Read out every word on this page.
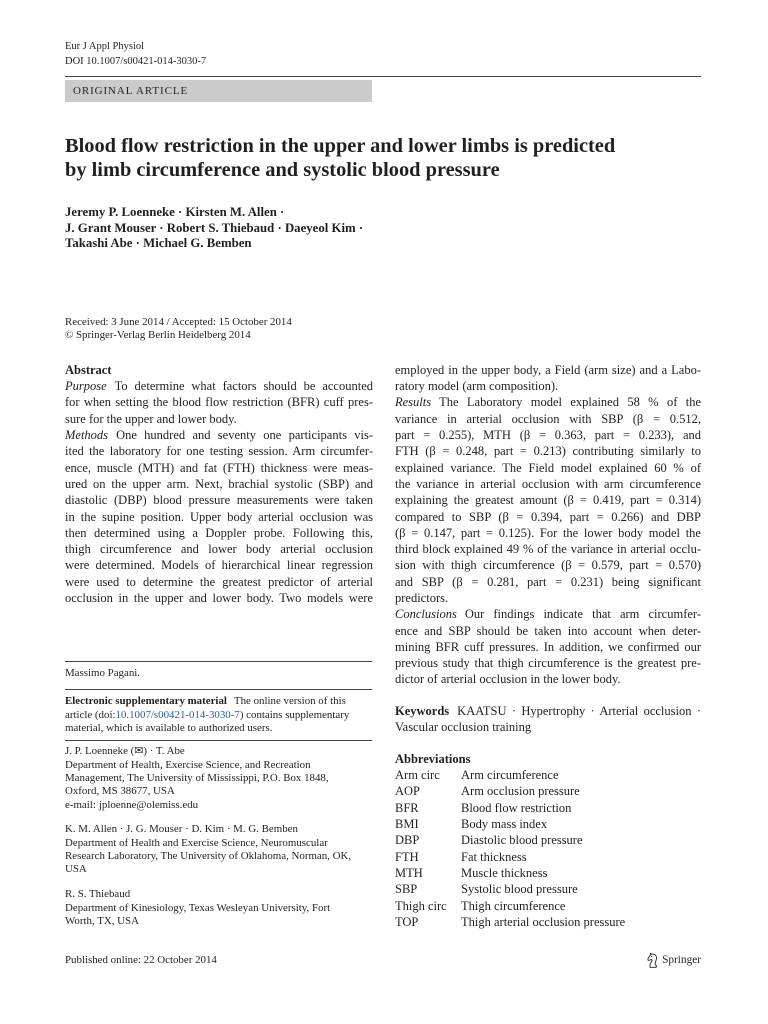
Eur J Appl Physiol
DOI 10.1007/s00421-014-3030-7
ORIGINAL ARTICLE
Blood flow restriction in the upper and lower limbs is predicted
by limb circumference and systolic blood pressure
Jeremy P. Loenneke · Kirsten M. Allen ·
J. Grant Mouser · Robert S. Thiebaud · Daeyeol Kim ·
Takashi Abe · Michael G. Bemben
Received: 3 June 2014 / Accepted: 15 October 2014
© Springer-Verlag Berlin Heidelberg 2014
Abstract
Purpose To determine what factors should be accounted
for when setting the blood flow restriction (BFR) cuff pres-
sure for the upper and lower body.
Methods One hundred and seventy one participants vis-
ited the laboratory for one testing session. Arm circumfer-
ence, muscle (MTH) and fat (FTH) thickness were meas-
ured on the upper arm. Next, brachial systolic (SBP) and
diastolic (DBP) blood pressure measurements were taken
in the supine position. Upper body arterial occlusion was
then determined using a Doppler probe. Following this,
thigh circumference and lower body arterial occlusion
were determined. Models of hierarchical linear regression
were used to determine the greatest predictor of arterial
occlusion in the upper and lower body. Two models were
employed in the upper body, a Field (arm size) and a Labo-
ratory model (arm composition).
Results The Laboratory model explained 58 % of the
variance in arterial occlusion with SBP (β = 0.512,
part = 0.255), MTH (β = 0.363, part = 0.233), and
FTH (β = 0.248, part = 0.213) contributing similarly to
explained variance. The Field model explained 60 % of
the variance in arterial occlusion with arm circumference
explaining the greatest amount (β = 0.419, part = 0.314)
compared to SBP (β = 0.394, part = 0.266) and DBP
(β = 0.147, part = 0.125). For the lower body model the
third block explained 49 % of the variance in arterial occlu-
sion with thigh circumference (β = 0.579, part = 0.570)
and SBP (β = 0.281, part = 0.231) being significant
predictors.
Conclusions Our findings indicate that arm circumfer-
ence and SBP should be taken into account when deter-
mining BFR cuff pressures. In addition, we confirmed our
previous study that thigh circumference is the greatest pre-
dictor of arterial occlusion in the lower body.
Keywords KAATSU · Hypertrophy · Arterial occlusion ·
Vascular occlusion training
Abbreviations
Arm circ Arm circumference
AOP	Arm occlusion pressure
BFR	Blood flow restriction
BMI	Body mass index
DBP	Diastolic blood pressure
FTH	Fat thickness
MTH	Muscle thickness
SBP	Systolic blood pressure
Thigh circ Thigh circumference
TOP	Thigh arterial occlusion pressure
Massimo Pagani.
Electronic supplementary material The online version of this
article (doi:10.1007/s00421-014-3030-7) contains supplementary
material, which is available to authorized users.
J. P. Loenneke (✉) · T. Abe
Department of Health, Exercise Science, and Recreation
Management, The University of Mississippi, P.O. Box 1848,
Oxford, MS 38677, USA
e-mail: jploenne@olemiss.edu
K. M. Allen · J. G. Mouser · D. Kim · M. G. Bemben
Department of Health and Exercise Science, Neuromuscular
Research Laboratory, The University of Oklahoma, Norman, OK,
USA
R. S. Thiebaud
Department of Kinesiology, Texas Wesleyan University, Fort
Worth, TX, USA
Published online: 22 October 2014	Springer
